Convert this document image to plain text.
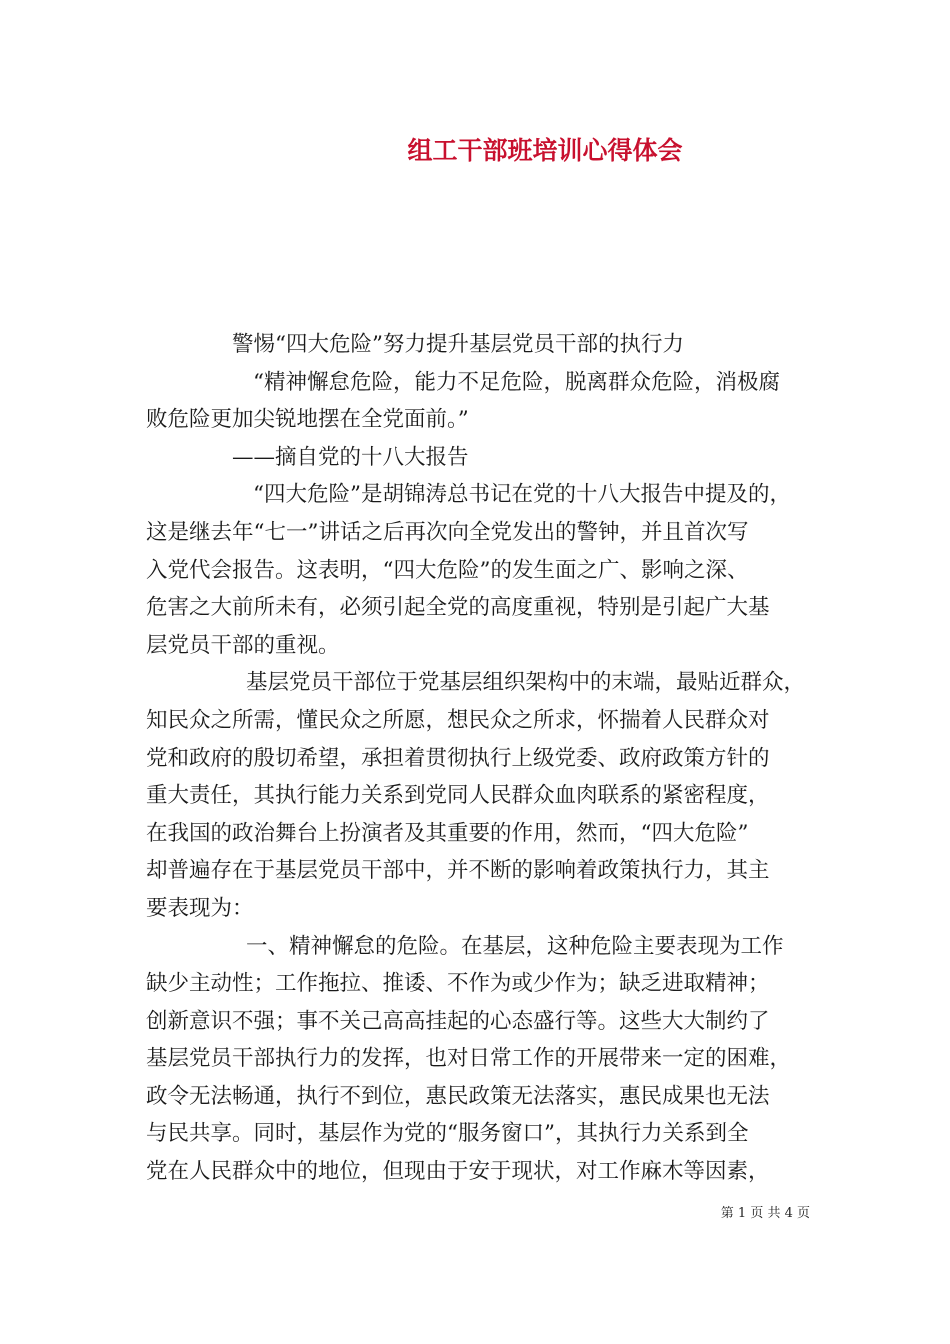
组工干部班培训心得体会
警惕“四大危险”努力提升基层党员干部的执行力
“精神懈怠危险，能力不足危险，脱离群众危险，消极腐
败危险更加尖锐地摆在全党面前。”
——摘自党的十八大报告
“四大危险”是胡锦涛总书记在党的十八大报告中提及的，
这是继去年“七一”讲话之后再次向全党发出的警钟，并且首次写
入党代会报告。这表明，“四大危险”的发生面之广、影响之深、
危害之大前所未有，必须引起全党的高度重视，特别是引起广大基
层党员干部的重视。
基层党员干部位于党基层组织架构中的末端，最贴近群众，
知民众之所需，懂民众之所愿，想民众之所求，怀揣着人民群众对
党和政府的殷切希望，承担着贯彻执行上级党委、政府政策方针的
重大责任，其执行能力关系到党同人民群众血肉联系的紧密程度，
在我国的政治舞台上扮演者及其重要的作用，然而，“四大危险”
却普遍存在于基层党员干部中，并不断的影响着政策执行力，其主
要表现为：
一、精神懈怠的危险。在基层，这种危险主要表现为工作
缺少主动性；工作拖拉、推诿、不作为或少作为；缺乏进取精神；
创新意识不强；事不关己高高挂起的心态盛行等。这些大大制约了
基层党员干部执行力的发挥，也对日常工作的开展带来一定的困难，
政令无法畅通，执行不到位，惠民政策无法落实，惠民成果也无法
与民共享。同时，基层作为党的“服务窗口”，其执行力关系到全
党在人民群众中的地位，但现由于安于现状，对工作麻木等因素，
第 1 页 共 4 页
